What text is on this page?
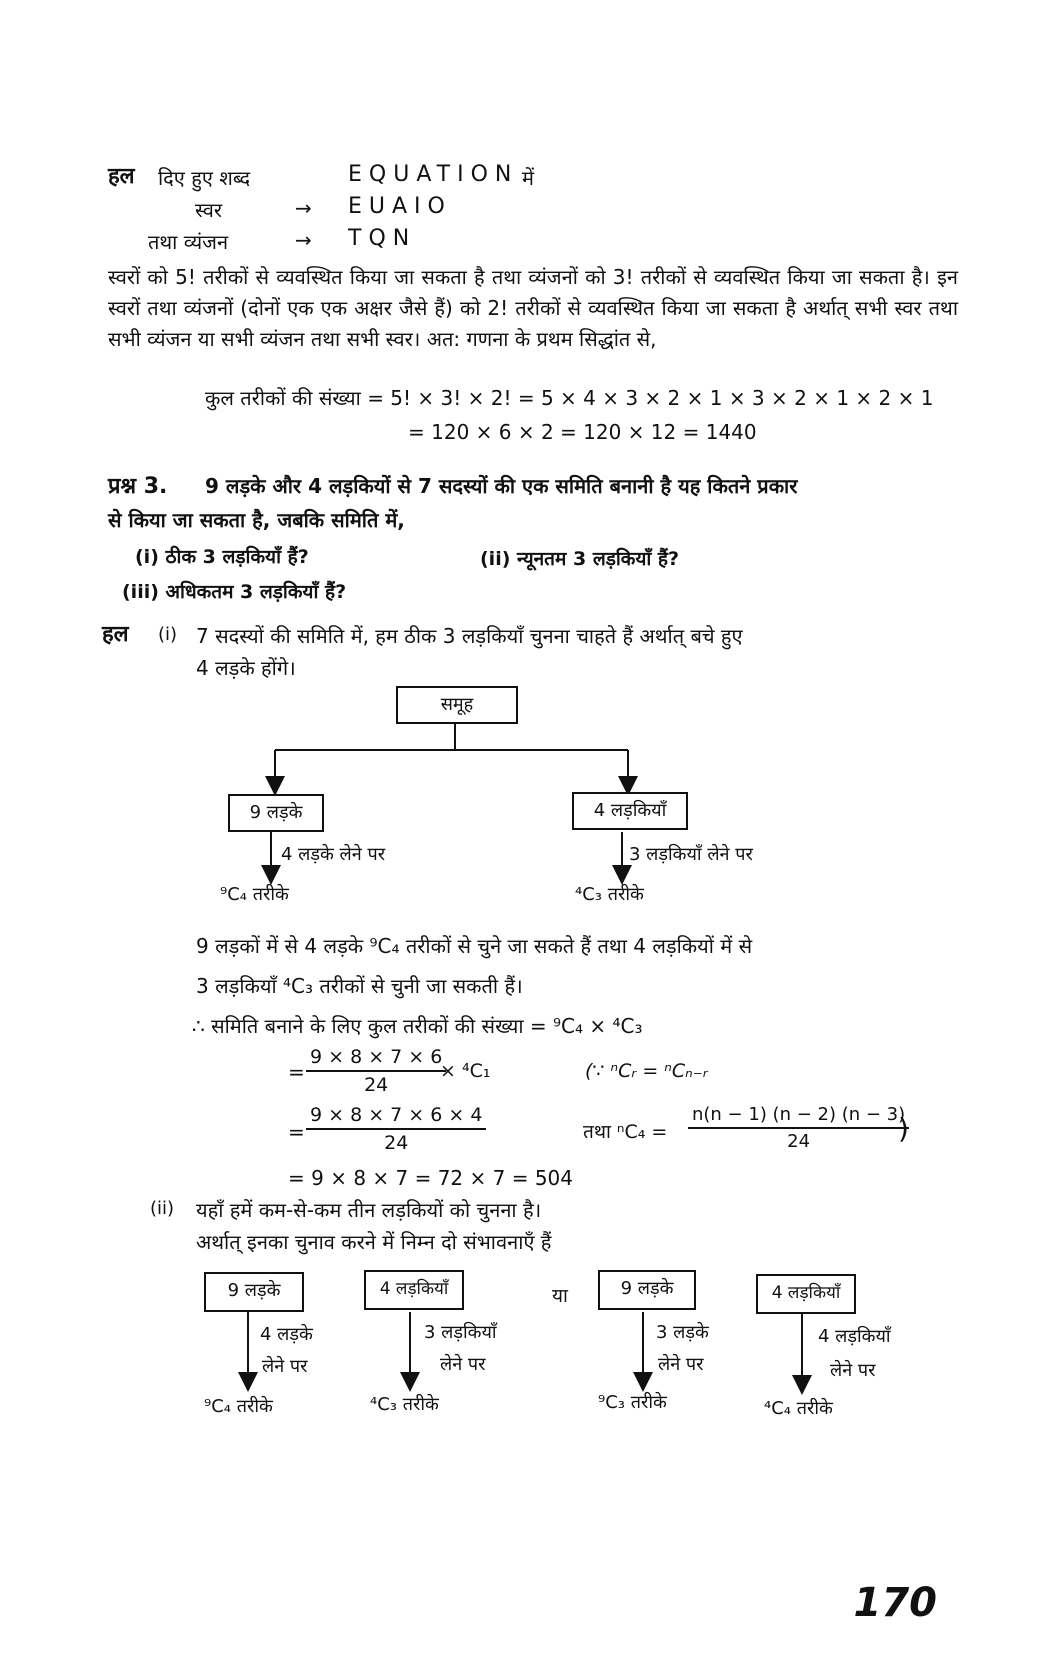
हल दिए हुए शब्द	EQUATION में
स्वर	→ EUAIO
तथा व्यंजन	→ TQN
स्वरों को 5! तरीकों से व्यवस्थित किया जा सकता है तथा व्यंजनों को 3! तरीकों से व्यवस्थित किया जा सकता है। इन स्वरों तथा व्यंजनों (दोनों एक एक अक्षर जैसे हैं) को 2! तरीकों से व्यवस्थित किया जा सकता है अर्थात् सभी स्वर तथा सभी व्यंजन या सभी व्यंजन तथा सभी स्वर। अत: गणना के प्रथम सिद्धांत से,
कुल तरीकों की संख्या = 5! × 3! × 2! = 5 × 4 × 3 × 2 × 1 × 3 × 2 × 1 × 2 × 1
= 120 × 6 × 2 = 120 × 12 = 1440
प्रश्न 3. 9 लड़के और 4 लड़कियों से 7 सदस्यों की एक समिति बनानी है यह कितने प्रकार
से किया जा सकता है, जबकि समिति में,
(i) ठीक 3 लड़कियाँ हैं?	(ii) न्यूनतम 3 लड़कियाँ हैं?
(iii) अधिकतम 3 लड़कियाँ हैं?
हल (i) 7 सदस्यों की समिति में, हम ठीक 3 लड़कियाँ चुनना चाहते हैं अर्थात् बचे हुए
4 लड़के होंगे।
समूह
9 लड़के	4 लड़कियाँ
4 लड़के लेने पर	3 लड़कियाँ लेने पर
⁹C₄ तरीके	⁴C₃ तरीके
9 लड़कों में से 4 लड़के ⁹C₄ तरीकों से चुने जा सकते हैं तथा 4 लड़कियों में से
3 लड़कियाँ ⁴C₃ तरीकों से चुनी जा सकती हैं।
∴ समिति बनाने के लिए कुल तरीकों की संख्या = ⁹C₄ × ⁴C₃
= $\frac{9 \times 8 \times 7 \times 6}{24}$
× ⁴C₁	(∵ ⁿCᵣ = ⁿCₙ₋ᵣ
= $\frac{9 \times 8 \times 7 \times 6 \times 4}{24}$	तथा $^nC_4 = \frac{n(n - 1) (n - 2) (n - 3)}{24}$
)
= 9 × 8 × 7 = 72 × 7 = 504
(ii) यहाँ हमें कम-से-कम तीन लड़कियों को चुनना है।
अर्थात् इनका चुनाव करने में निम्न दो संभावनाएँ हैं
9 लड़के	4 लड़कियाँ	या	9 लड़के	4 लड़कियाँ
4 लड़के
लेने पर
⁹C₄ तरीके
3 लड़कियाँ
लेने पर
⁴C₃ तरीके
3 लड़के
लेने पर
⁹C₃ तरीके
4 लड़कियाँ
लेने पर
⁴C₄ तरीके
170
